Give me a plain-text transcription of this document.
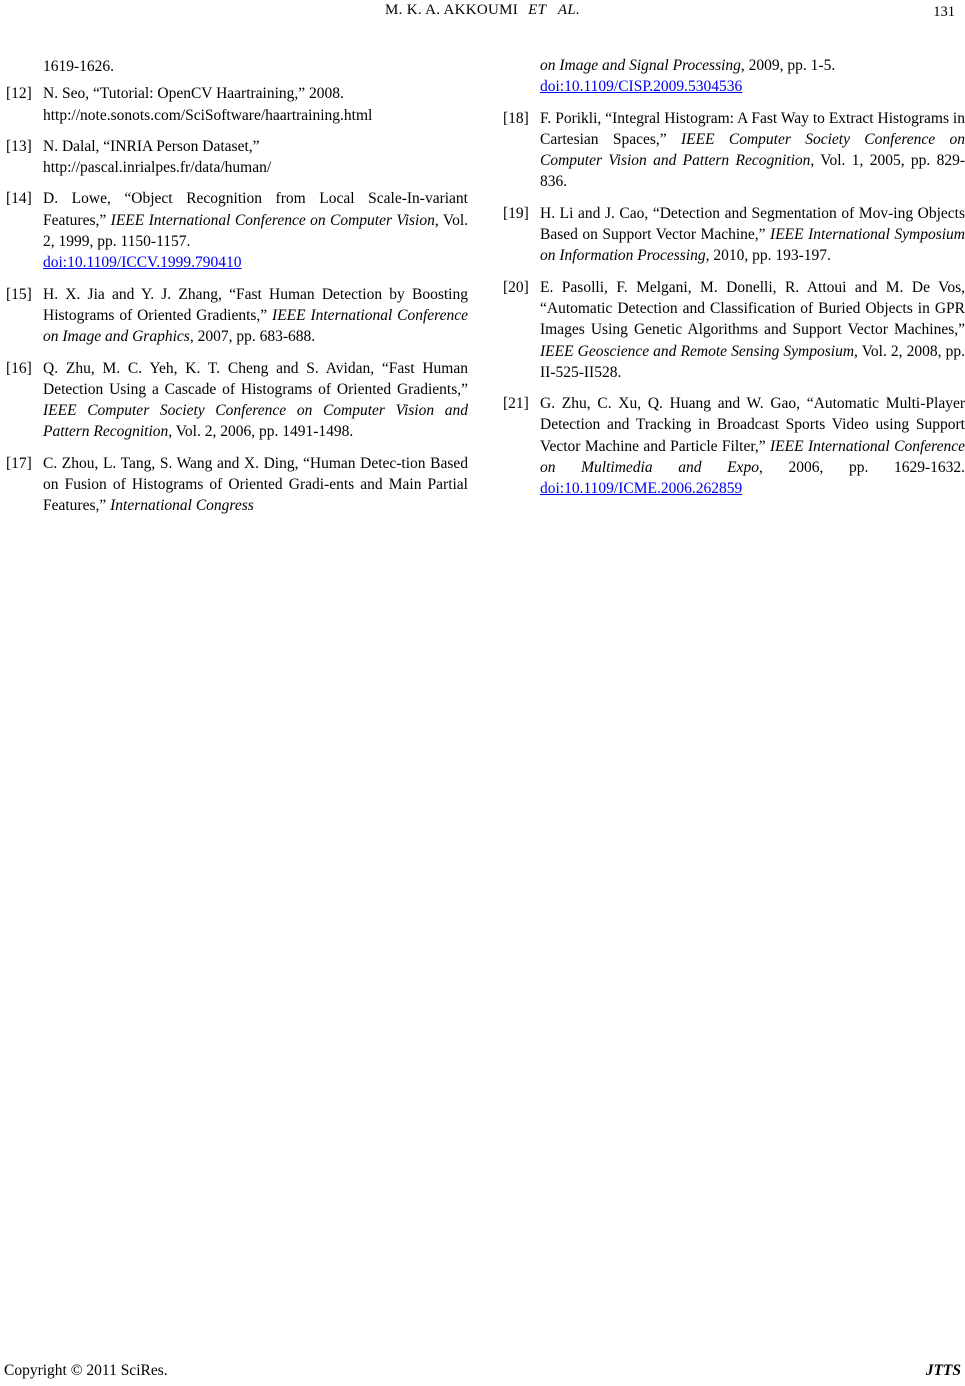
M. K. A. AKKOUMI ET   AL.	131
1619-1626.
[12] N. Seo, “Tutorial: OpenCV Haartraining,” 2008.
http://note.sonots.com/SciSoftware/haartraining.html
[13] N. Dalal, “INRIA Person Dataset,”
http://pascal.inrialpes.fr/data/human/
[14] D. Lowe, “Object Recognition from Local Scale-In-variant Features,” IEEE International Conference on Computer Vision, Vol. 2, 1999, pp. 1150-1157.
doi:10.1109/ICCV.1999.790410
[15] H. X. Jia and Y. J. Zhang, “Fast Human Detection by Boosting Histograms of Oriented Gradients,” IEEE International Conference on Image and Graphics, 2007, pp. 683-688.
[16] Q. Zhu, M. C. Yeh, K. T. Cheng and S. Avidan, “Fast Human Detection Using a Cascade of Histograms of Oriented Gradients,” IEEE Computer Society Conference on Computer Vision and Pattern Recognition, Vol. 2, 2006, pp. 1491-1498.
[17] C. Zhou, L. Tang, S. Wang and X. Ding, “Human Detec-tion Based on Fusion of Histograms of Oriented Gradi-ents and Main Partial Features,” International Congress
on Image and Signal Processing, 2009, pp. 1-5.
doi:10.1109/CISP.2009.5304536
[18] F. Porikli, “Integral Histogram: A Fast Way to Extract Histograms in Cartesian Spaces,” IEEE Computer Society Conference on Computer Vision and Pattern Recognition, Vol. 1, 2005, pp. 829-836.
[19] H. Li and J. Cao, “Detection and Segmentation of Mov-ing Objects Based on Support Vector Machine,” IEEE International Symposium on Information Processing, 2010, pp. 193-197.
[20] E. Pasolli, F. Melgani, M. Donelli, R. Attoui and M. De Vos, “Automatic Detection and Classification of Buried Objects in GPR Images Using Genetic Algorithms and Support Vector Machines,” IEEE Geoscience and Remote Sensing Symposium, Vol. 2, 2008, pp. II-525-II528.
[21] G. Zhu, C. Xu, Q. Huang and W. Gao, “Automatic Multi-Player Detection and Tracking in Broadcast Sports Video using Support Vector Machine and Particle Filter,” IEEE International Conference on Multimedia and Expo, 2006, pp. 1629-1632. doi:10.1109/ICME.2006.262859
Copyright © 2011 SciRes.	JTTS
